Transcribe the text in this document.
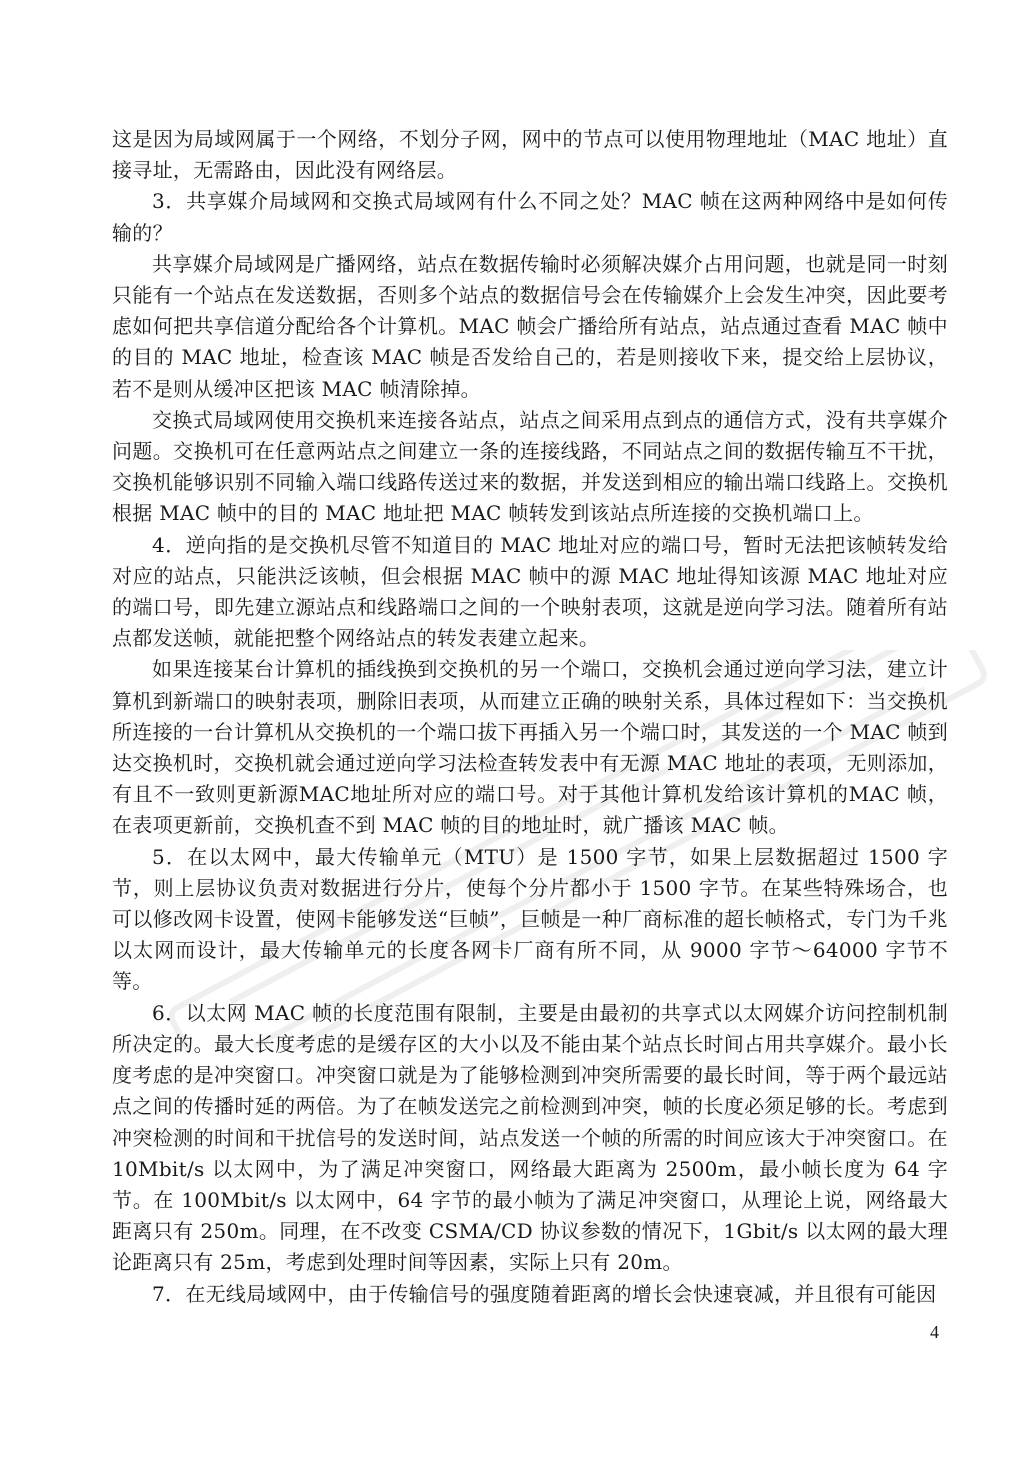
这是因为局域网属于一个网络，不划分子网，网中的节点可以使用物理地址（MAC 地址）直接寻址，无需路由，因此没有网络层。

3．共享媒介局域网和交换式局域网有什么不同之处？MAC 帧在这两种网络中是如何传输的？

共享媒介局域网是广播网络，站点在数据传输时必须解决媒介占用问题，也就是同一时刻只能有一个站点在发送数据，否则多个站点的数据信号会在传输媒介上会发生冲突，因此要考虑如何把共享信道分配给各个计算机。MAC 帧会广播给所有站点，站点通过查看 MAC 帧中的目的 MAC 地址，检查该 MAC 帧是否发给自己的，若是则接收下来，提交给上层协议，若不是则从缓冲区把该 MAC 帧清除掉。

交换式局域网使用交换机来连接各站点，站点之间采用点到点的通信方式，没有共享媒介问题。交换机可在任意两站点之间建立一条的连接线路，不同站点之间的数据传输互不干扰，交换机能够识别不同输入端口线路传送过来的数据，并发送到相应的输出端口线路上。交换机根据 MAC 帧中的目的 MAC 地址把 MAC 帧转发到该站点所连接的交换机端口上。

4．逆向指的是交换机尽管不知道目的 MAC 地址对应的端口号，暂时无法把该帧转发给对应的站点，只能洪泛该帧，但会根据 MAC 帧中的源 MAC 地址得知该源 MAC 地址对应的端口号，即先建立源站点和线路端口之间的一个映射表项，这就是逆向学习法。随着所有站点都发送帧，就能把整个网络站点的转发表建立起来。

如果连接某台计算机的插线换到交换机的另一个端口，交换机会通过逆向学习法，建立计算机到新端口的映射表项，删除旧表项，从而建立正确的映射关系，具体过程如下：当交换机所连接的一台计算机从交换机的一个端口拔下再插入另一个端口时，其发送的一个 MAC 帧到达交换机时，交换机就会通过逆向学习法检查转发表中有无源 MAC 地址的表项，无则添加，有且不一致则更新源MAC地址所对应的端口号。对于其他计算机发给该计算机的MAC 帧，在表项更新前，交换机查不到 MAC 帧的目的地址时，就广播该 MAC 帧。

5．在以太网中，最大传输单元（MTU）是 1500 字节，如果上层数据超过 1500 字节，则上层协议负责对数据进行分片，使每个分片都小于 1500 字节。在某些特殊场合，也可以修改网卡设置，使网卡能够发送“巨帧”，巨帧是一种厂商标准的超长帧格式，专门为千兆以太网而设计，最大传输单元的长度各网卡厂商有所不同，从 9000 字节～64000 字节不等。

6．以太网 MAC 帧的长度范围有限制，主要是由最初的共享式以太网媒介访问控制机制所决定的。最大长度考虑的是缓存区的大小以及不能由某个站点长时间占用共享媒介。最小长度考虑的是冲突窗口。冲突窗口就是为了能够检测到冲突所需要的最长时间，等于两个最远站点之间的传播时延的两倍。为了在帧发送完之前检测到冲突，帧的长度必须足够的长。考虑到冲突检测的时间和干扰信号的发送时间，站点发送一个帧的所需的时间应该大于冲突窗口。在 10Mbit/s 以太网中，为了满足冲突窗口，网络最大距离为 2500m，最小帧长度为 64 字节。在 100Mbit/s 以太网中，64 字节的最小帧为了满足冲突窗口，从理论上说，网络最大距离只有 250m。同理，在不改变 CSMA/CD 协议参数的情况下，1Gbit/s 以太网的最大理论距离只有 25m，考虑到处理时间等因素，实际上只有 20m。

7．在无线局域网中，由于传输信号的强度随着距离的增长会快速衰减，并且很有可能因

4
